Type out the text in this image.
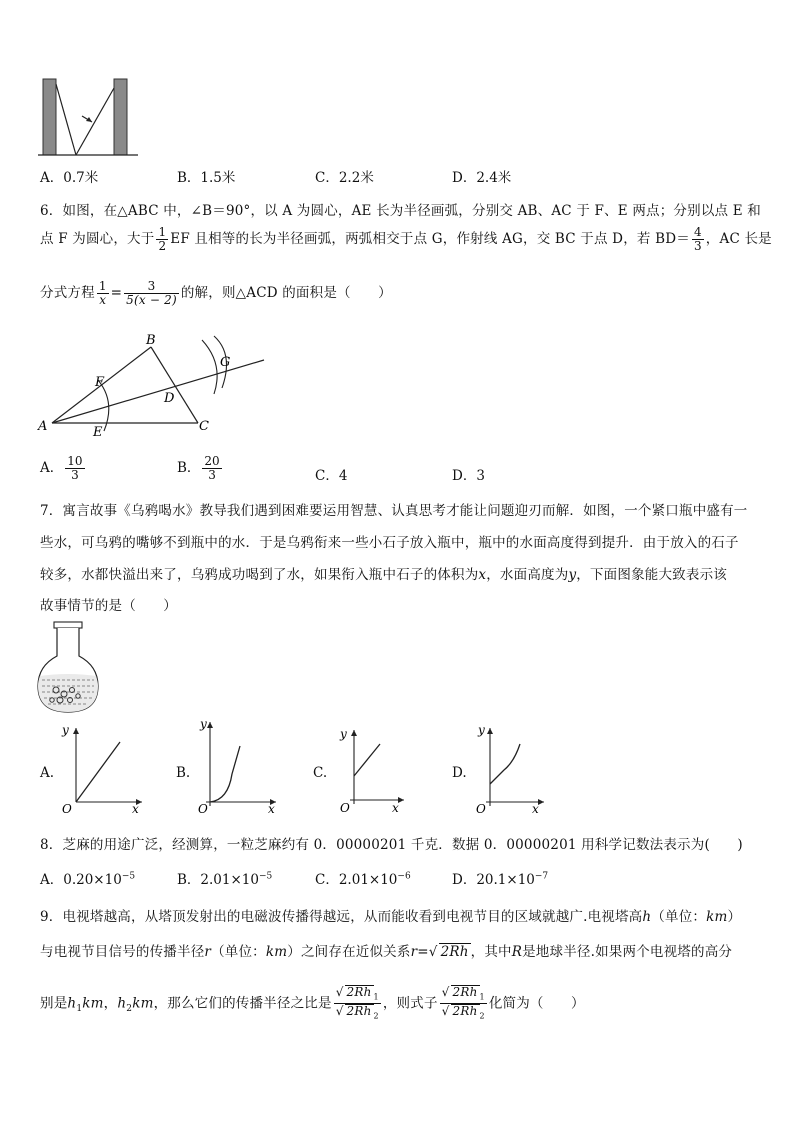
A．0.7米	B．1.5米	C．2.2米	D．2.4米
6．如图，在△ABC 中，∠B＝90°，以 A 为圆心，AE 长为半径画弧，分别交 AB、AC 于 F、E 两点；分别以点 E 和
点 F 为圆心，大于 $\frac{1}{2}$ EF 且相等的长为半径画弧，两弧相交于点 G，作射线 AG，交 BC 于点 D，若 $BD= \frac{4}{3}$ ，AC 长是
分式方程 $\frac{1}{x} = \frac{3}{5(x - 2)}$ 的解，则△ACD 的面积是（　　）
A
B
C
D
E
F
G
A． $\frac{10}{3}$	B． $\frac{20}{3}$	C．4	D．3
7．寓言故事《乌鸦喝水》教导我们遇到困难要运用智慧、认真思考才能让问题迎刃而解．如图，一个紧口瓶中盛有一
些水，可乌鸦的嘴够不到瓶中的水．于是乌鸦衔来一些小石子放入瓶中，瓶中的水面高度得到提升．由于放入的石子
较多，水都快溢出来了，乌鸦成功喝到了水，如果衔入瓶中石子的体积为x，水面高度为y，下面图象能大致表示该
故事情节的是（　　）
A.
y
x
O
B.
y
x
O
C.
y
x
O
D.
y
x
O
8．芝麻的用途广泛，经测算，一粒芝麻约有 0．00000201 千克．数据 0．00000201 用科学记数法表示为(　　)
A．$0.20\times 10^{-5}$	B．$2.01\times 10^{-5}$	C．$2.01\times 10^{-6}$	D．$20.1\times 10^{-7}$
9．电视塔越高，从塔顶发射出的电磁波传播得越远，从而能收看到电视节目的区域就越广.电视塔高h（单位：km）
与电视节目信号的传播半径r（单位：km）之间存在近似关系r=√ 2Rh ，其中R是地球半径.如果两个电视塔的高分
别是$h_1km$，$h_2km$，那么它们的传播半径之比是 $\frac{√ 2Rh _1}{√ 2Rh _2}$ ，则式子 $\frac{√ 2Rh _1}{√ 2Rh _2}$ 化简为（　　）
